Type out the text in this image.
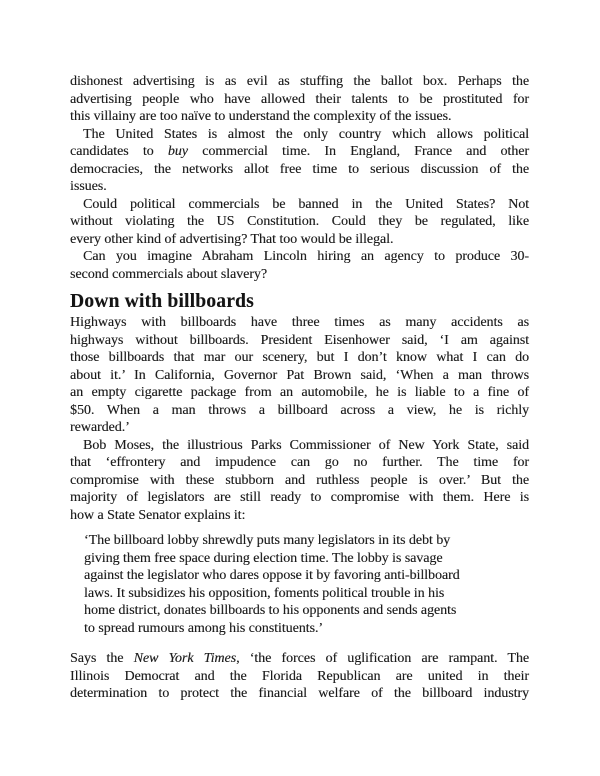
dishonest advertising is as evil as stuffing the ballot box. Perhaps the
advertising people who have allowed their talents to be prostituted for
this villainy are too naïve to understand the complexity of the issues.
The United States is almost the only country which allows political
candidates to buy commercial time. In England, France and other
democracies, the networks allot free time to serious discussion of the
issues.
Could political commercials be banned in the United States? Not
without violating the US Constitution. Could they be regulated, like
every other kind of advertising? That too would be illegal.
Can you imagine Abraham Lincoln hiring an agency to produce 30-
second commercials about slavery?
Down with billboards
Highways with billboards have three times as many accidents as
highways without billboards. President Eisenhower said, ‘I am against
those billboards that mar our scenery, but I don’t know what I can do
about it.’ In California, Governor Pat Brown said, ‘When a man throws
an empty cigarette package from an automobile, he is liable to a fine of
$50. When a man throws a billboard across a view, he is richly
rewarded.’
Bob Moses, the illustrious Parks Commissioner of New York State, said
that ‘effrontery and impudence can go no further. The time for
compromise with these stubborn and ruthless people is over.’ But the
majority of legislators are still ready to compromise with them. Here is
how a State Senator explains it:
‘The billboard lobby shrewdly puts many legislators in its debt by
giving them free space during election time. The lobby is savage
against the legislator who dares oppose it by favoring anti-billboard
laws. It subsidizes his opposition, foments political trouble in his
home district, donates billboards to his opponents and sends agents
to spread rumours among his constituents.’
Says the New York Times, ‘the forces of uglification are rampant. The
Illinois Democrat and the Florida Republican are united in their
determination to protect the financial welfare of the billboard industry
